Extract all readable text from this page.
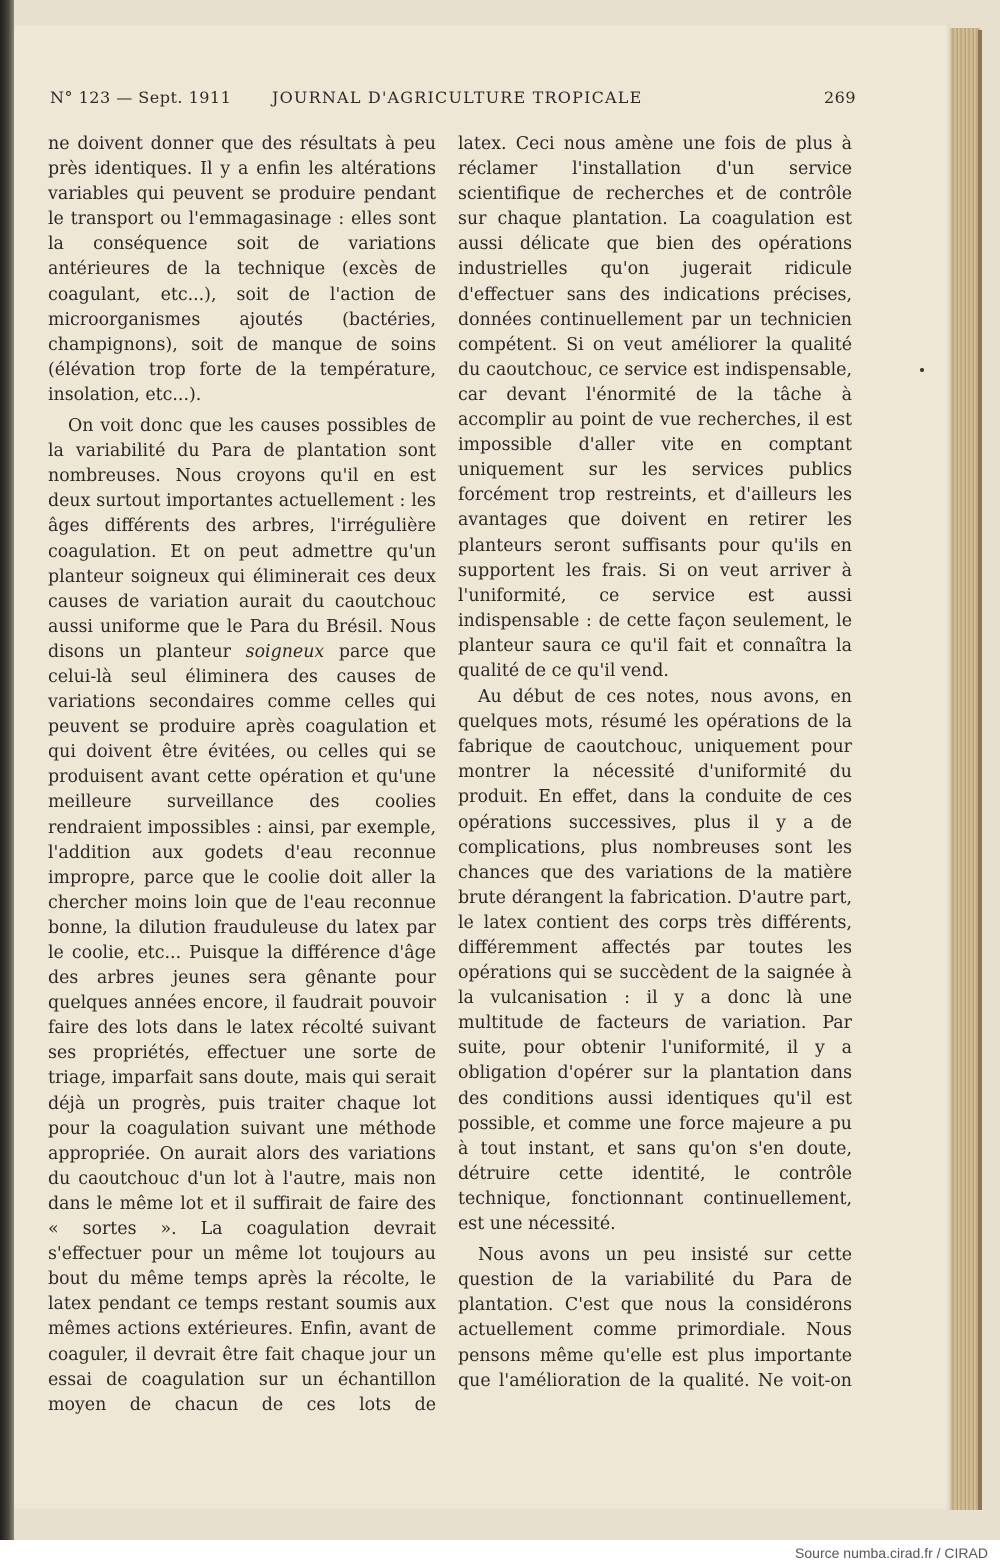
N° 123 — Sept. 1911	JOURNAL D'AGRICULTURE TROPICALE	269

ne doivent donner que des résultats à peu près identiques. Il y a enfin les altérations variables qui peuvent se produire pendant le transport ou l'emmagasinage : elles sont la conséquence soit de variations antérieures de la technique (excès de coagulant, etc...), soit de l'action de microorganismes ajoutés (bactéries, champignons), soit de manque de soins (élévation trop forte de la température, insolation, etc...).

On voit donc que les causes possibles de la variabilité du Para de plantation sont nombreuses. Nous croyons qu'il en est deux surtout importantes actuellement : les âges différents des arbres, l'irrégulière coagulation. Et on peut admettre qu'un planteur soigneux qui éliminerait ces deux causes de variation aurait du caoutchouc aussi uniforme que le Para du Brésil. Nous disons un planteur soigneux parce que celui-là seul éliminera des causes de variations secondaires comme celles qui peuvent se produire après coagulation et qui doivent être évitées, ou celles qui se produisent avant cette opération et qu'une meilleure surveillance des coolies rendraient impossibles : ainsi, par exemple, l'addition aux godets d'eau reconnue impropre, parce que le coolie doit aller la chercher moins loin que de l'eau reconnue bonne, la dilution frauduleuse du latex par le coolie, etc... Puisque la différence d'âge des arbres jeunes sera gênante pour quelques années encore, il faudrait pouvoir faire des lots dans le latex récolté suivant ses propriétés, effectuer une sorte de triage, imparfait sans doute, mais qui serait déjà un progrès, puis traiter chaque lot pour la coagulation suivant une méthode appropriée. On aurait alors des variations du caoutchouc d'un lot à l'autre, mais non dans le même lot et il suffirait de faire des « sortes ». La coagulation devrait s'effectuer pour un même lot toujours au bout du même temps après la récolte, le latex pendant ce temps restant soumis aux mêmes actions extérieures. Enfin, avant de coaguler, il devrait être fait chaque jour un essai de coagulation sur un échantillon moyen de chacun de ces lots de

latex. Ceci nous amène une fois de plus à réclamer l'installation d'un service scientifique de recherches et de contrôle sur chaque plantation. La coagulation est aussi délicate que bien des opérations industrielles qu'on jugerait ridicule d'effectuer sans des indications précises, données continuellement par un technicien compétent. Si on veut améliorer la qualité du caoutchouc, ce service est indispensable, car devant l'énormité de la tâche à accomplir au point de vue recherches, il est impossible d'aller vite en comptant uniquement sur les services publics forcément trop restreints, et d'ailleurs les avantages que doivent en retirer les planteurs seront suffisants pour qu'ils en supportent les frais. Si on veut arriver à l'uniformité, ce service est aussi indispensable : de cette façon seulement, le planteur saura ce qu'il fait et connaîtra la qualité de ce qu'il vend.

Au début de ces notes, nous avons, en quelques mots, résumé les opérations de la fabrique de caoutchouc, uniquement pour montrer la nécessité d'uniformité du produit. En effet, dans la conduite de ces opérations successives, plus il y a de complications, plus nombreuses sont les chances que des variations de la matière brute dérangent la fabrication. D'autre part, le latex contient des corps très différents, différemment affectés par toutes les opérations qui se succèdent de la saignée à la vulcanisation : il y a donc là une multitude de facteurs de variation. Par suite, pour obtenir l'uniformité, il y a obligation d'opérer sur la plantation dans des conditions aussi identiques qu'il est possible, et comme une force majeure a pu à tout instant, et sans qu'on s'en doute, détruire cette identité, le contrôle technique, fonctionnant continuellement, est une nécessité.

Nous avons un peu insisté sur cette question de la variabilité du Para de plantation. C'est que nous la considérons actuellement comme primordiale. Nous pensons même qu'elle est plus importante que l'amélioration de la qualité. Ne voit-on

Source numba.cirad.fr / CIRAD
